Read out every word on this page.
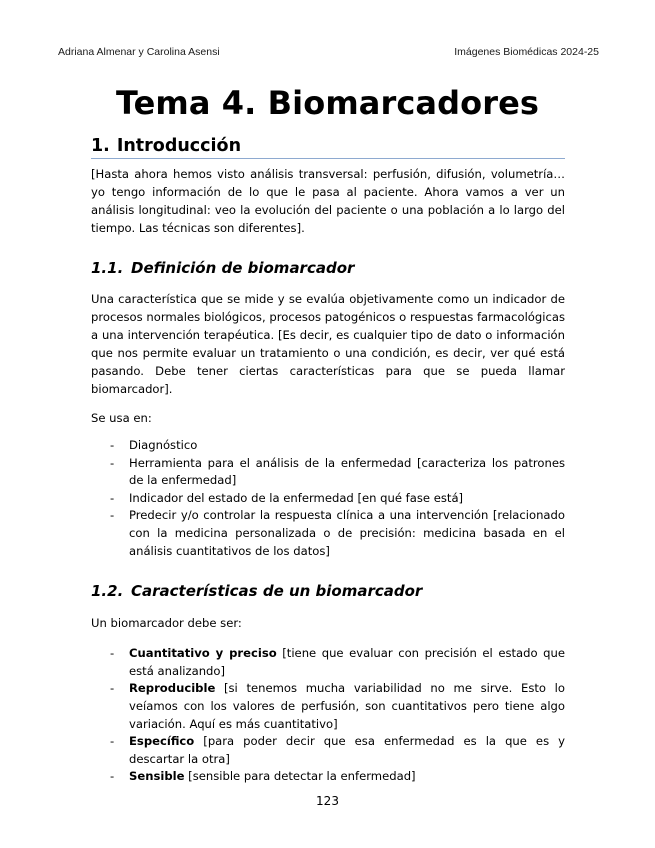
Adriana Almenar y Carolina Asensi	Imágenes Biomédicas 2024-25
Tema 4. Biomarcadores
1. Introducción

[Hasta ahora hemos visto análisis transversal: perfusión, difusión, volumetría… yo tengo información de lo que le pasa al paciente. Ahora vamos a ver un análisis longitudinal: veo la evolución del paciente o una población a lo largo del tiempo. Las técnicas son diferentes].

1.1. Definición de biomarcador

Una característica que se mide y se evalúa objetivamente como un indicador de procesos normales biológicos, procesos patogénicos o respuestas farmacológicas a una intervención terapéutica. [Es decir, es cualquier tipo de dato o información que nos permite evaluar un tratamiento o una condición, es decir, ver qué está pasando. Debe tener ciertas características para que se pueda llamar biomarcador].

Se usa en:

- Diagnóstico
- Herramienta para el análisis de la enfermedad [caracteriza los patrones de la enfermedad]
- Indicador del estado de la enfermedad [en qué fase está]
- Predecir y/o controlar la respuesta clínica a una intervención [relacionado con la medicina personalizada o de precisión: medicina basada en el análisis cuantitativos de los datos]
1.2. Características de un biomarcador

Un biomarcador debe ser:

- Cuantitativo y preciso [tiene que evaluar con precisión el estado que está analizando]
- Reproducible [si tenemos mucha variabilidad no me sirve. Esto lo veíamos con los valores de perfusión, son cuantitativos pero tiene algo variación. Aquí es más cuantitativo]
- Específico [para poder decir que esa enfermedad es la que es y descartar la otra]
- Sensible [sensible para detectar la enfermedad]
123
